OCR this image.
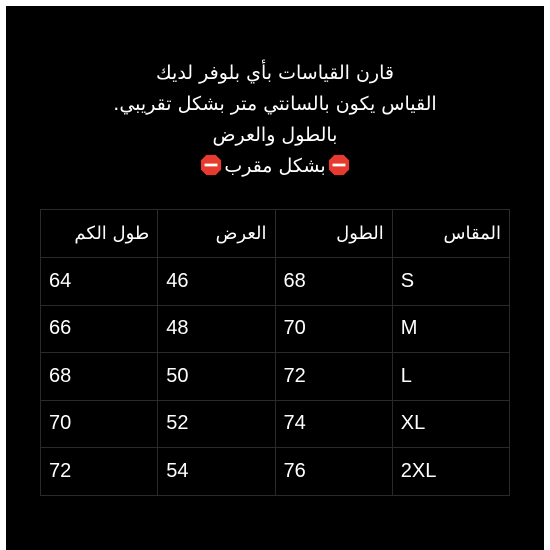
قارن القياسات بأي بلوفر لديك
القياس يكون بالسانتي متر بشكل تقريبي.
بالطول والعرض
بشكل مقرب
المقاس	الطول	العرض	طول الكم
S	68	46	64
M	70	48	66
L	72	50	68
XL	74	52	70
2XL	76	54	72
